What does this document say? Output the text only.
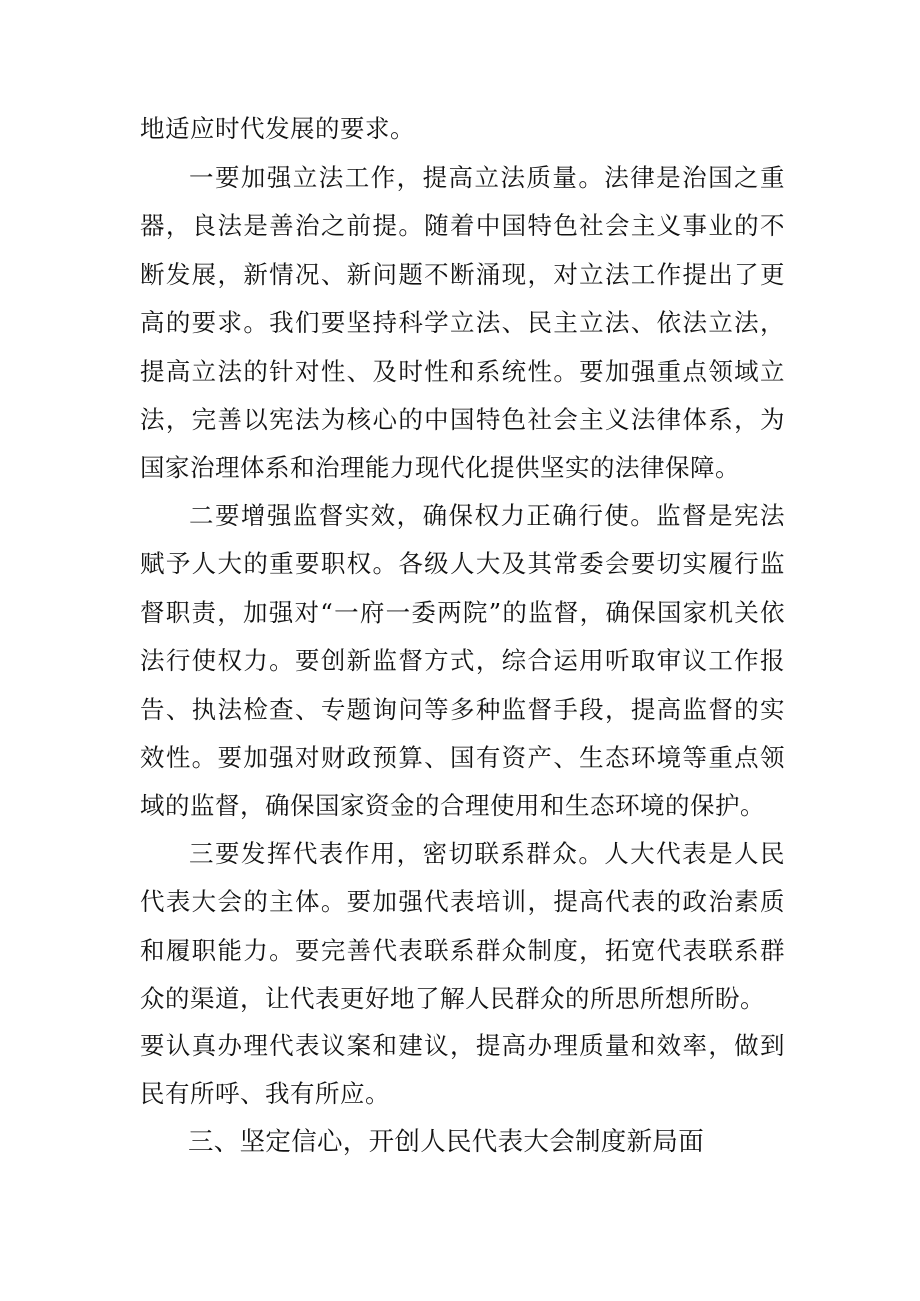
地适应时代发展的要求。

一要加强立法工作，提高立法质量。法律是治国之重器，良法是善治之前提。随着中国特色社会主义事业的不断发展，新情况、新问题不断涌现，对立法工作提出了更高的要求。我们要坚持科学立法、民主立法、依法立法，提高立法的针对性、及时性和系统性。要加强重点领域立法，完善以宪法为核心的中国特色社会主义法律体系，为国家治理体系和治理能力现代化提供坚实的法律保障。

二要增强监督实效，确保权力正确行使。监督是宪法赋予人大的重要职权。各级人大及其常委会要切实履行监督职责，加强对“一府一委两院”的监督，确保国家机关依法行使权力。要创新监督方式，综合运用听取审议工作报告、执法检查、专题询问等多种监督手段，提高监督的实效性。要加强对财政预算、国有资产、生态环境等重点领域的监督，确保国家资金的合理使用和生态环境的保护。

三要发挥代表作用，密切联系群众。人大代表是人民代表大会的主体。要加强代表培训，提高代表的政治素质和履职能力。要完善代表联系群众制度，拓宽代表联系群众的渠道，让代表更好地了解人民群众的所思所想所盼。

要认真办理代表议案和建议，提高办理质量和效率，做到民有所呼、我有所应。

三、坚定信心，开创人民代表大会制度新局面
